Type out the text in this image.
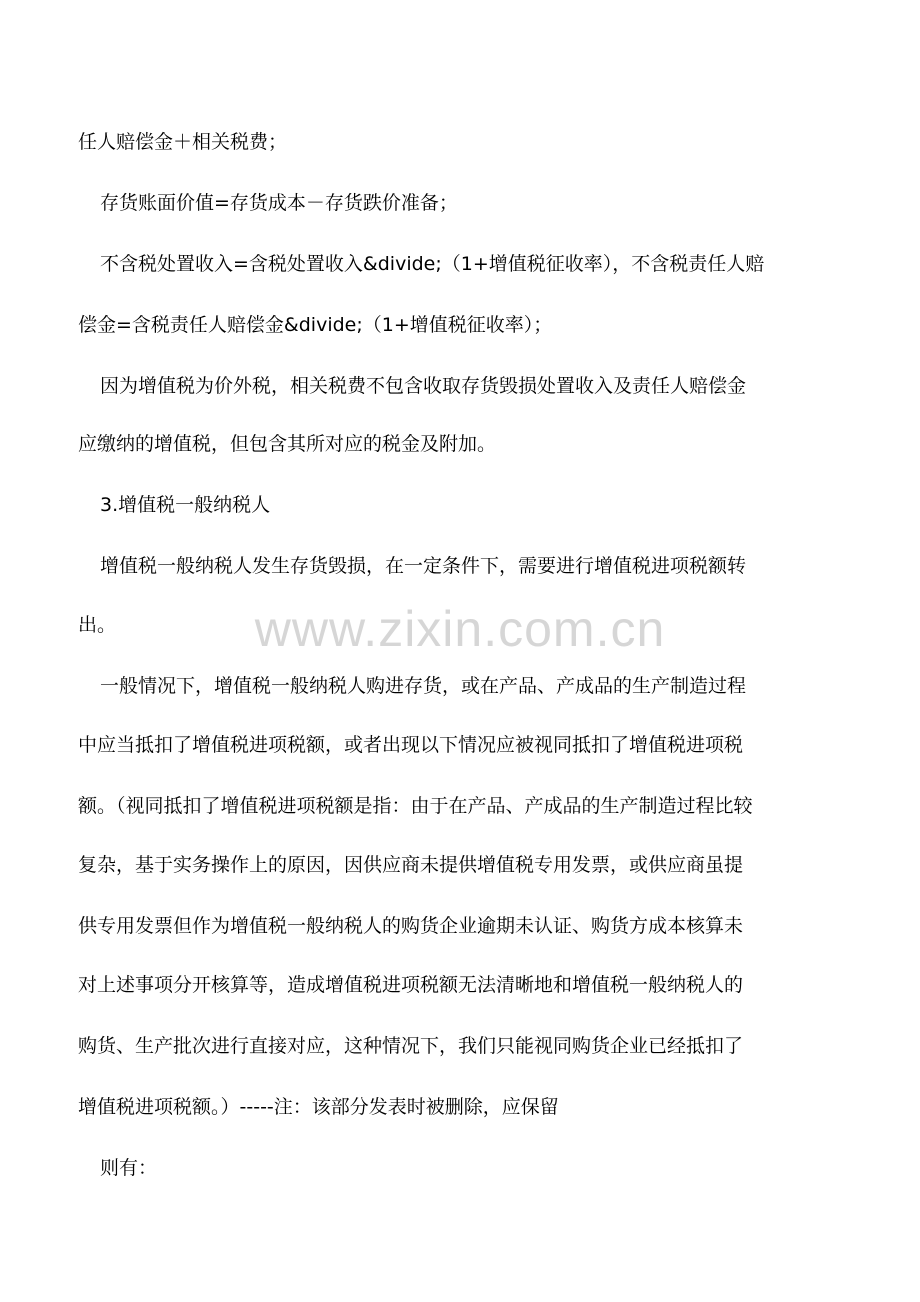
www.zixin.com.cn
任人赔偿金＋相关税费；
存货账面价值=存货成本－存货跌价准备；
不含税处置收入=含税处置收入&divide;（1+增值税征收率），不含税责任人赔
偿金=含税责任人赔偿金&divide;（1+增值税征收率）；
因为增值税为价外税，相关税费不包含收取存货毁损处置收入及责任人赔偿金
应缴纳的增值税，但包含其所对应的税金及附加。
3.增值税一般纳税人
增值税一般纳税人发生存货毁损，在一定条件下，需要进行增值税进项税额转
出。
一般情况下，增值税一般纳税人购进存货，或在产品、产成品的生产制造过程
中应当抵扣了增值税进项税额，或者出现以下情况应被视同抵扣了增值税进项税
额。（视同抵扣了增值税进项税额是指：由于在产品、产成品的生产制造过程比较
复杂，基于实务操作上的原因，因供应商未提供增值税专用发票，或供应商虽提
供专用发票但作为增值税一般纳税人的购货企业逾期未认证、购货方成本核算未
对上述事项分开核算等，造成增值税进项税额无法清晰地和增值税一般纳税人的
购货、生产批次进行直接对应，这种情况下，我们只能视同购货企业已经抵扣了
增值税进项税额。）-----注：该部分发表时被删除，应保留
则有：
